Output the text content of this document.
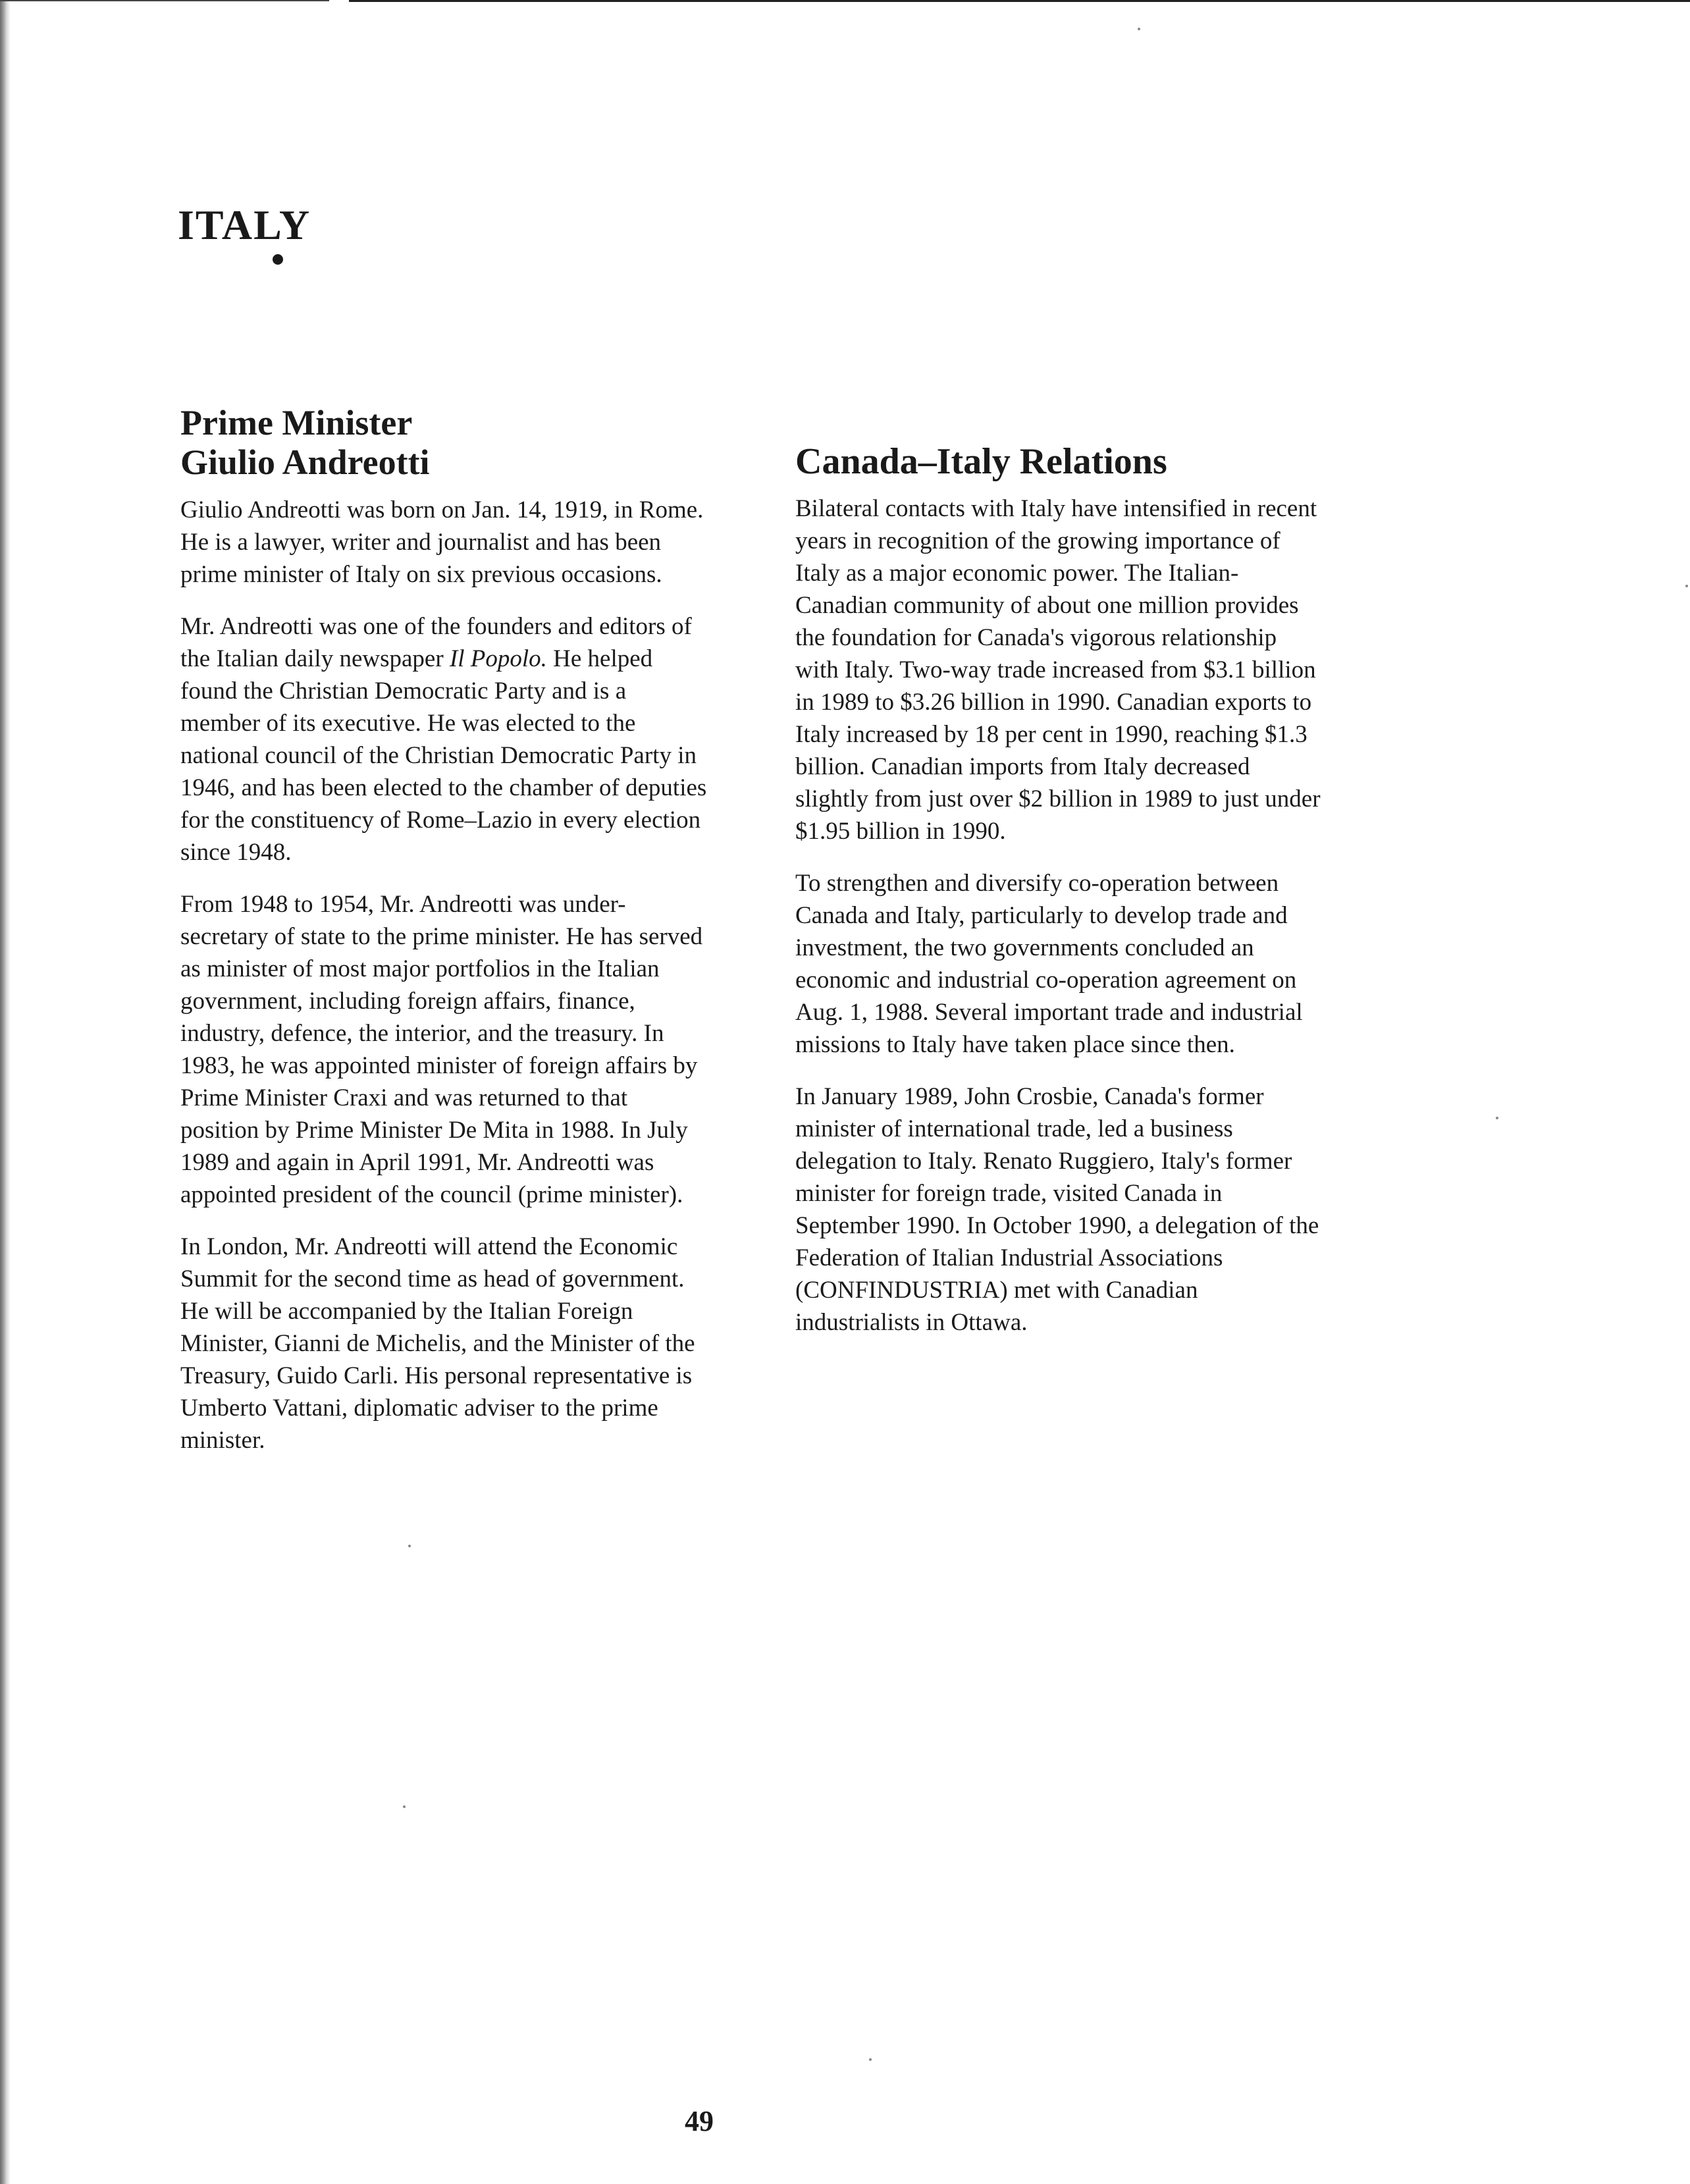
ITALY
Prime Minister
Giulio Andreotti

Giulio Andreotti was born on Jan. 14, 1919, in Rome. He is a lawyer, writer and journalist and has been prime minister of Italy on six previous occasions.

Mr. Andreotti was one of the founders and editors of the Italian daily newspaper Il Popolo. He helped found the Christian Democratic Party and is a member of its executive. He was elected to the national council of the Christian Democratic Party in 1946, and has been elected to the chamber of deputies for the constituency of Rome–Lazio in every election since 1948.

From 1948 to 1954, Mr. Andreotti was under-secretary of state to the prime minister. He has served as minister of most major portfolios in the Italian government, including foreign affairs, finance, industry, defence, the interior, and the treasury. In 1983, he was appointed minister of foreign affairs by Prime Minister Craxi and was returned to that position by Prime Minister De Mita in 1988. In July 1989 and again in April 1991, Mr. Andreotti was appointed president of the council (prime minister).

In London, Mr. Andreotti will attend the Economic Summit for the second time as head of government. He will be accompanied by the Italian Foreign Minister, Gianni de Michelis, and the Minister of the Treasury, Guido Carli. His personal representative is Umberto Vattani, diplomatic adviser to the prime minister.

Canada–Italy Relations

Bilateral contacts with Italy have intensified in recent years in recognition of the growing importance of Italy as a major economic power. The Italian-Canadian community of about one million provides the foundation for Canada's vigorous relationship with Italy. Two-way trade increased from $3.1 billion in 1989 to $3.26 billion in 1990. Canadian exports to Italy increased by 18 per cent in 1990, reaching $1.3 billion. Canadian imports from Italy decreased slightly from just over $2 billion in 1989 to just under $1.95 billion in 1990.

To strengthen and diversify co-operation between Canada and Italy, particularly to develop trade and investment, the two governments concluded an economic and industrial co-operation agreement on Aug. 1, 1988. Several important trade and industrial missions to Italy have taken place since then.

In January 1989, John Crosbie, Canada's former minister of international trade, led a business delegation to Italy. Renato Ruggiero, Italy's former minister for foreign trade, visited Canada in September 1990. In October 1990, a delegation of the Federation of Italian Industrial Associations (CONFINDUSTRIA) met with Canadian industrialists in Ottawa.

49
